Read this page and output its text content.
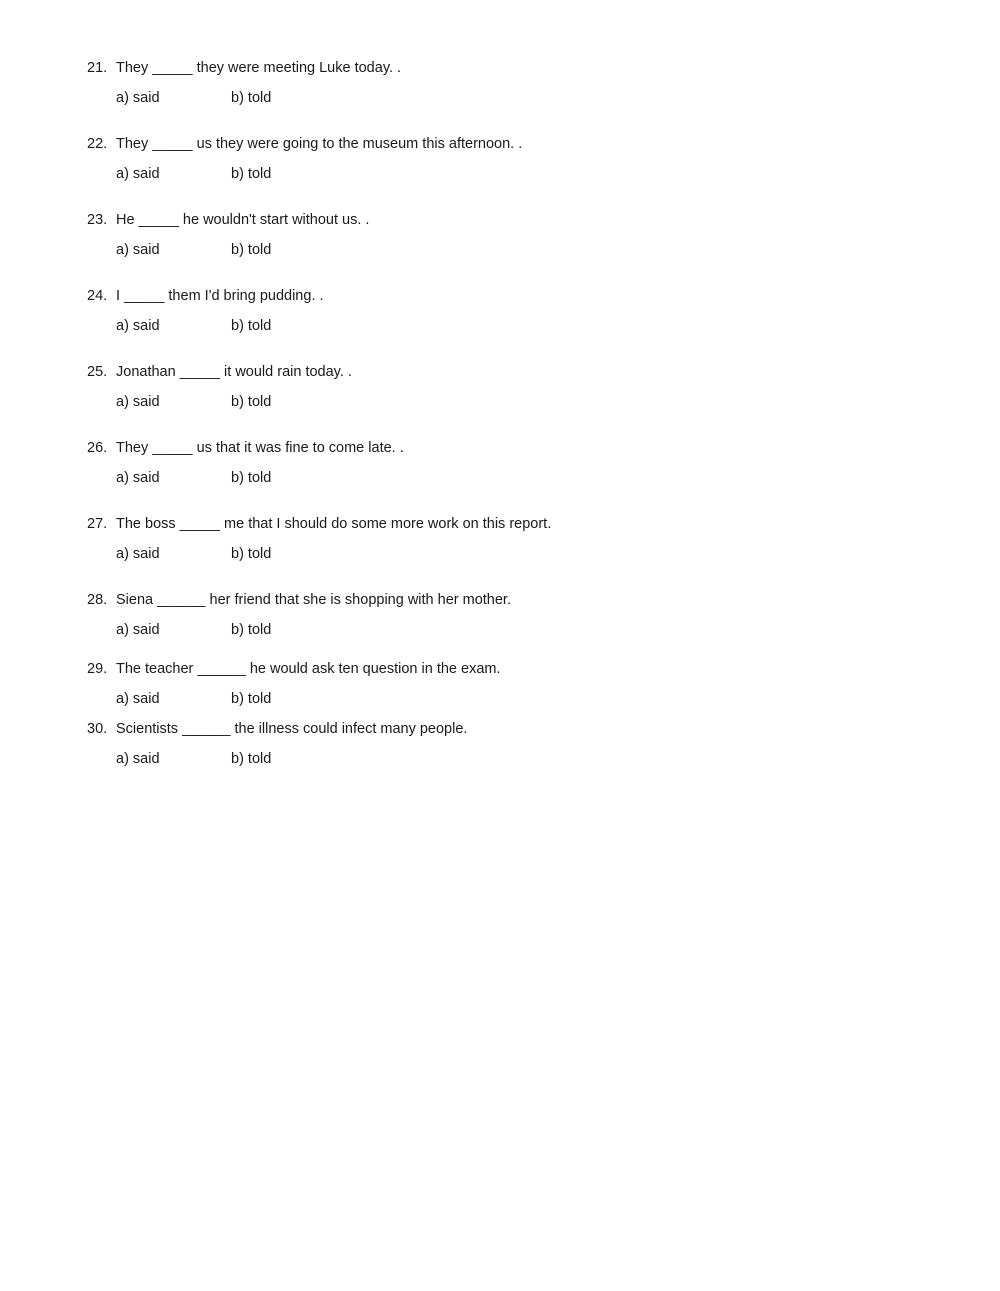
21. They _____ they were meeting Luke today. .
a) said	b) told
22. They _____ us they were going to the museum this afternoon. .
a) said	b) told
23. He _____ he wouldn't start without us. .
a) said	b) told
24. I _____ them I'd bring pudding. .
a) said	b) told
25. Jonathan _____ it would rain today. .
a) said	b) told
26. They _____ us that it was fine to come late. .
a) said	b) told
27. The boss _____ me that I should do some more work on this report.
a) said	b) told
28. Siena ______ her friend that she is shopping with her mother.
a) said	b) told
29. The teacher ______ he would ask ten question in the exam.
a) said	b) told
30. Scientists ______ the illness could infect many people.
a) said	b) told
